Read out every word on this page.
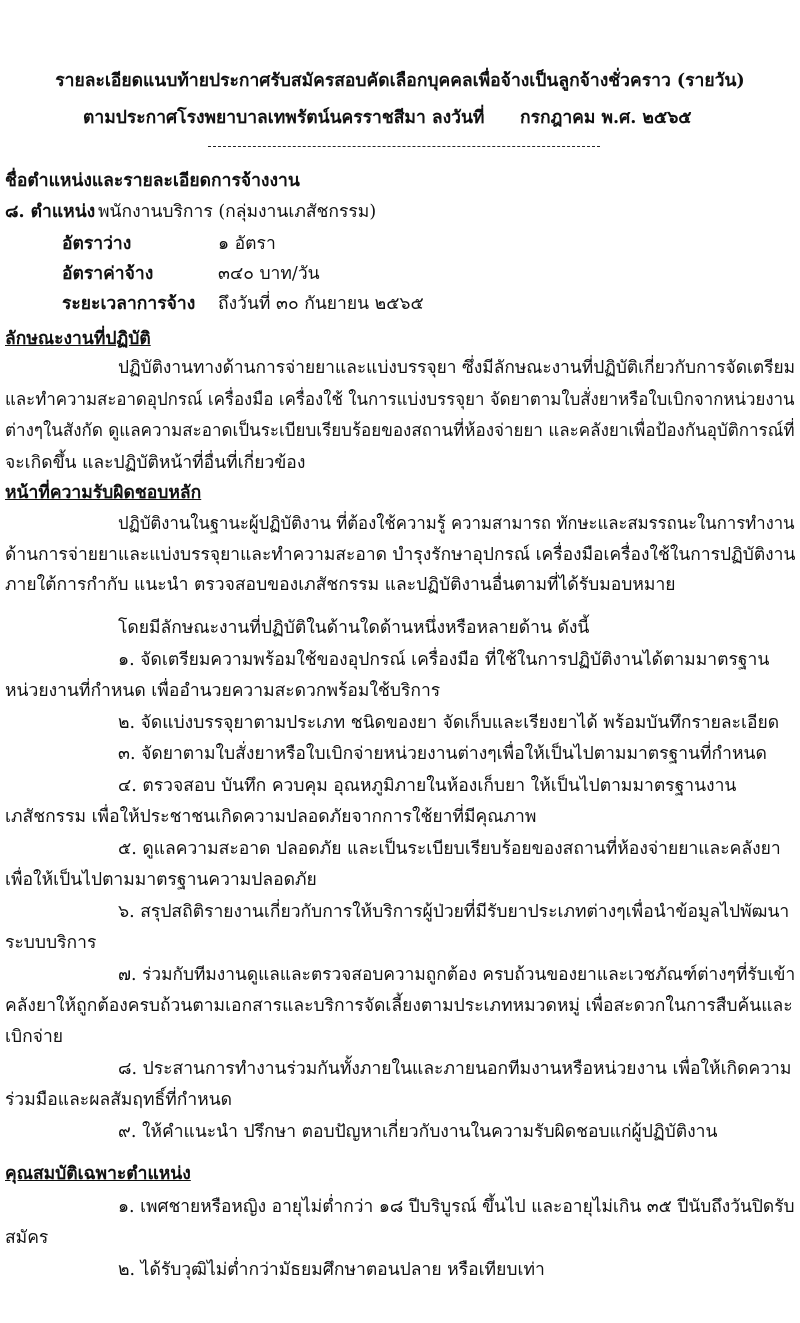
รายละเอียดแนบท้ายประกาศรับสมัครสอบคัดเลือกบุคคลเพื่อจ้างเป็นลูกจ้างชั่วคราว (รายวัน)
ตามประกาศโรงพยาบาลเทพรัตน์นครราชสีมา ลงวันที่ กรกฎาคม พ.ศ. ๒๕๖๕
ชื่อตำแหน่งและรายละเอียดการจ้างงาน
๘. ตำแหน่ง พนักงานบริการ (กลุ่มงานเภสัชกรรม)
อัตราว่าง	๑ อัตรา
อัตราค่าจ้าง	๓๔๐ บาท/วัน
ระยะเวลาการจ้าง ถึงวันที่ ๓๐ กันยายน ๒๕๖๕
ลักษณะงานที่ปฏิบัติ
ปฏิบัติงานทางด้านการจ่ายยาและแบ่งบรรจุยา ซึ่งมีลักษณะงานที่ปฏิบัติเกี่ยวกับการจัดเตรียม
และทำความสะอาดอุปกรณ์ เครื่องมือ เครื่องใช้ ในการแบ่งบรรจุยา จัดยาตามใบสั่งยาหรือใบเบิกจากหน่วยงาน
ต่างๆในสังกัด ดูแลความสะอาดเป็นระเบียบเรียบร้อยของสถานที่ห้องจ่ายยา และคลังยาเพื่อป้องกันอุบัติการณ์ที่
จะเกิดขึ้น และปฏิบัติหน้าที่อื่นที่เกี่ยวข้อง
หน้าที่ความรับผิดชอบหลัก
ปฏิบัติงานในฐานะผู้ปฏิบัติงาน ที่ต้องใช้ความรู้ ความสามารถ ทักษะและสมรรถนะในการทำงาน
ด้านการจ่ายยาและแบ่งบรรจุยาและทำความสะอาด บำรุงรักษาอุปกรณ์ เครื่องมือเครื่องใช้ในการปฏิบัติงาน
ภายใต้การกำกับ แนะนำ ตรวจสอบของเภสัชกรรม และปฏิบัติงานอื่นตามที่ได้รับมอบหมาย
โดยมีลักษณะงานที่ปฏิบัติในด้านใดด้านหนึ่งหรือหลายด้าน ดังนี้
๑. จัดเตรียมความพร้อมใช้ของอุปกรณ์ เครื่องมือ ที่ใช้ในการปฏิบัติงานได้ตามมาตรฐาน
หน่วยงานที่กำหนด เพื่ออำนวยความสะดวกพร้อมใช้บริการ
๒. จัดแบ่งบรรจุยาตามประเภท ชนิดของยา จัดเก็บและเรียงยาได้ พร้อมบันทึกรายละเอียด
๓. จัดยาตามใบสั่งยาหรือใบเบิกจ่ายหน่วยงานต่างๆเพื่อให้เป็นไปตามมาตรฐานที่กำหนด
๔. ตรวจสอบ บันทึก ควบคุม อุณหภูมิภายในห้องเก็บยา ให้เป็นไปตามมาตรฐานงาน
เภสัชกรรม เพื่อให้ประชาชนเกิดความปลอดภัยจากการใช้ยาที่มีคุณภาพ
๕. ดูแลความสะอาด ปลอดภัย และเป็นระเบียบเรียบร้อยของสถานที่ห้องจ่ายยาและคลังยา
เพื่อให้เป็นไปตามมาตรฐานความปลอดภัย
๖. สรุปสถิติรายงานเกี่ยวกับการให้บริการผู้ป่วยที่มีรับยาประเภทต่างๆเพื่อนำข้อมูลไปพัฒนา
ระบบบริการ
๗. ร่วมกับทีมงานดูแลและตรวจสอบความถูกต้อง ครบถ้วนของยาและเวชภัณฑ์ต่างๆที่รับเข้า
คลังยาให้ถูกต้องครบถ้วนตามเอกสารและบริการจัดเลี้ยงตามประเภทหมวดหมู่ เพื่อสะดวกในการสืบค้นและ
เบิกจ่าย
๘. ประสานการทำงานร่วมกันทั้งภายในและภายนอกทีมงานหรือหน่วยงาน เพื่อให้เกิดความ
ร่วมมือและผลสัมฤทธิ์ที่กำหนด
๙. ให้คำแนะนำ ปรึกษา ตอบปัญหาเกี่ยวกับงานในความรับผิดชอบแก่ผู้ปฏิบัติงาน
คุณสมบัติเฉพาะตำแหน่ง
๑. เพศชายหรือหญิง อายุไม่ต่ำกว่า ๑๘ ปีบริบูรณ์ ขึ้นไป และอายุไม่เกิน ๓๕ ปีนับถึงวันปิดรับ
สมัคร
๒. ได้รับวุฒิไม่ต่ำกว่ามัธยมศึกษาตอนปลาย หรือเทียบเท่า
